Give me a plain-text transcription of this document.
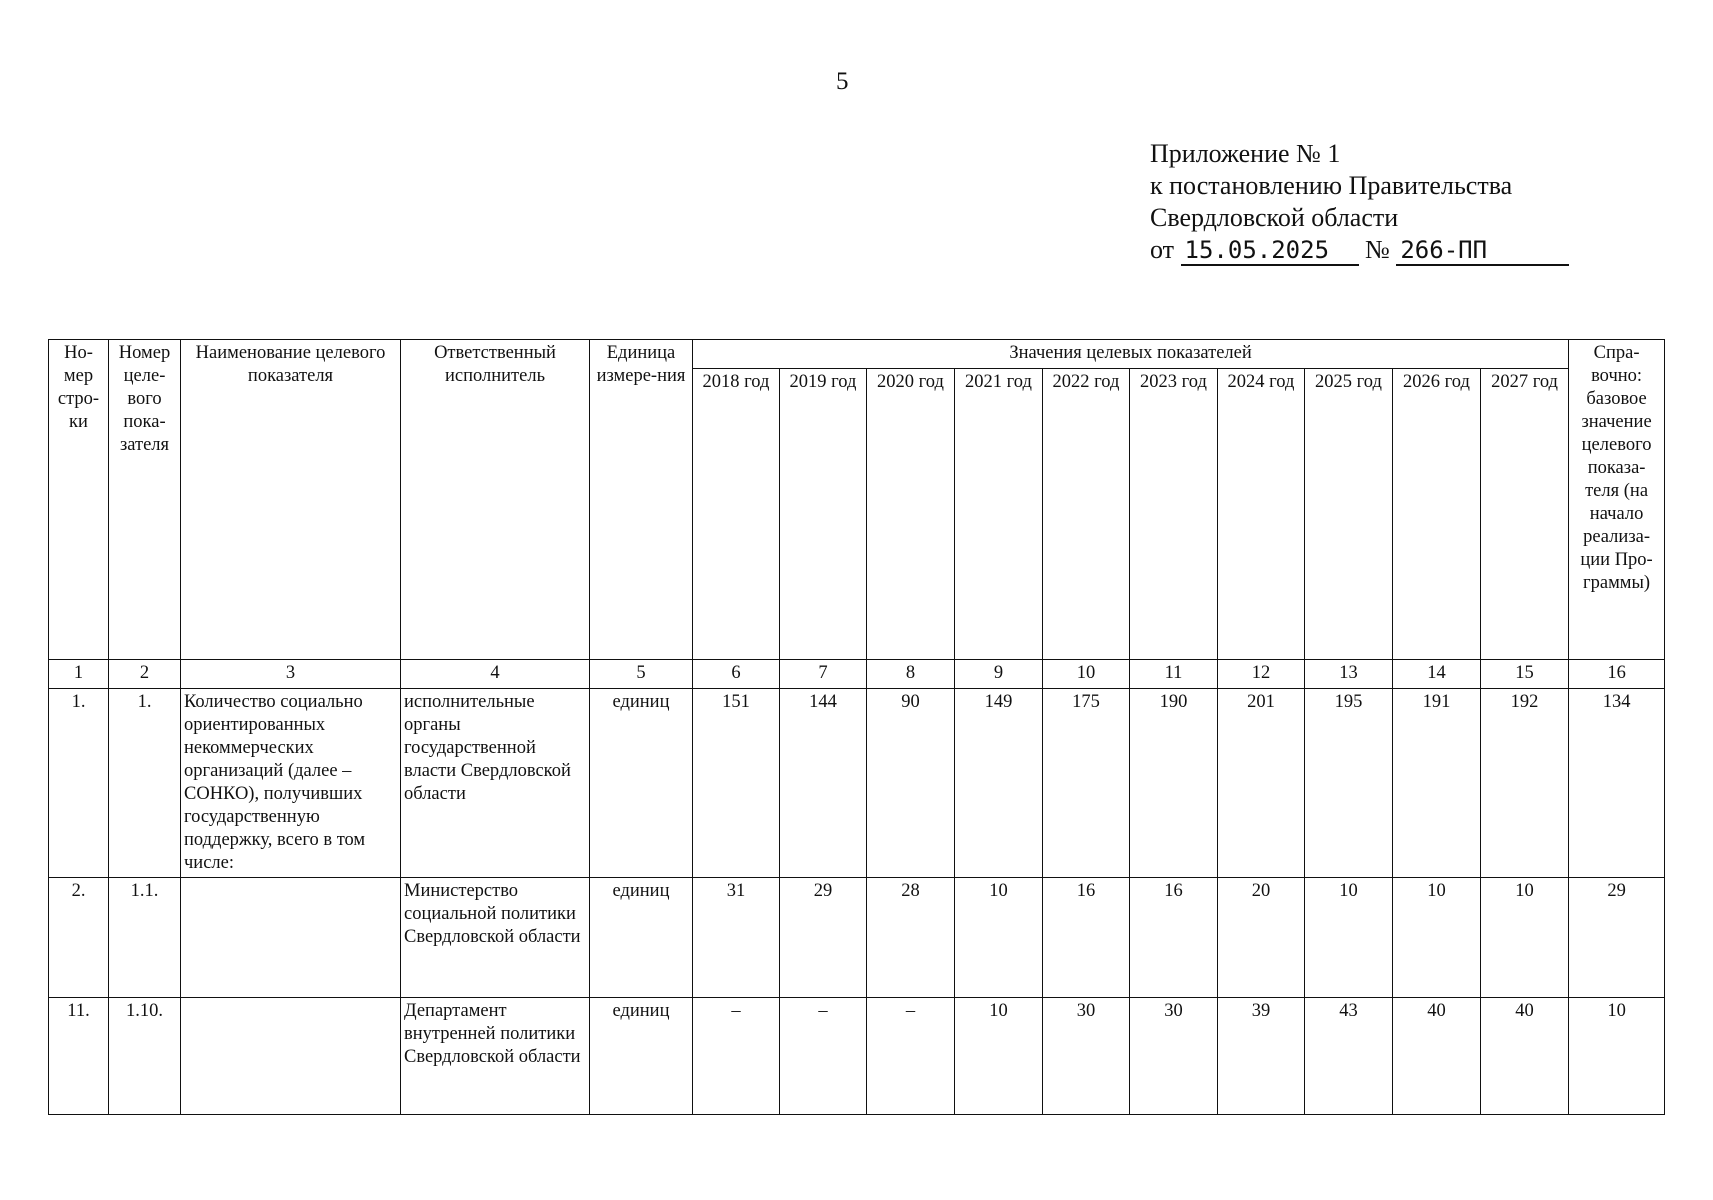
5
Приложение № 1
к постановлению Правительства
Свердловской области
от 15.05.2025 № 266-ПП
Но-мер стро-ки	Номер целе-вого пока-зателя	Наименование целевого показателя	Ответственный исполнитель	Единица измере-ния	Значения целевых показателей										Спра-вочно: базовое значение целевого показа-теля (на начало реализа-ции Про-граммы)
					2018 год	2019 год	2020 год	2021 год	2022 год	2023 год	2024 год	2025 год	2026 год	2027 год	
1	2	3	4	5	6	7	8	9	10	11	12	13	14	15	16
1.	1.	Количество социально ориентированных некоммерческих организаций (далее – СОНКО), получивших государственную поддержку, всего в том числе:	исполнительные органы государственной власти Свердловской области	единиц	151	144	90	149	175	190	201	195	191	192	134
2.	1.1.		Министерство социальной политики Свердловской области	единиц	31	29	28	10	16	16	20	10	10	10	29
11.	1.10.		Департамент внутренней политики Свердловской области	единиц	–	–	–	10	30	30	39	43	40	40	10
